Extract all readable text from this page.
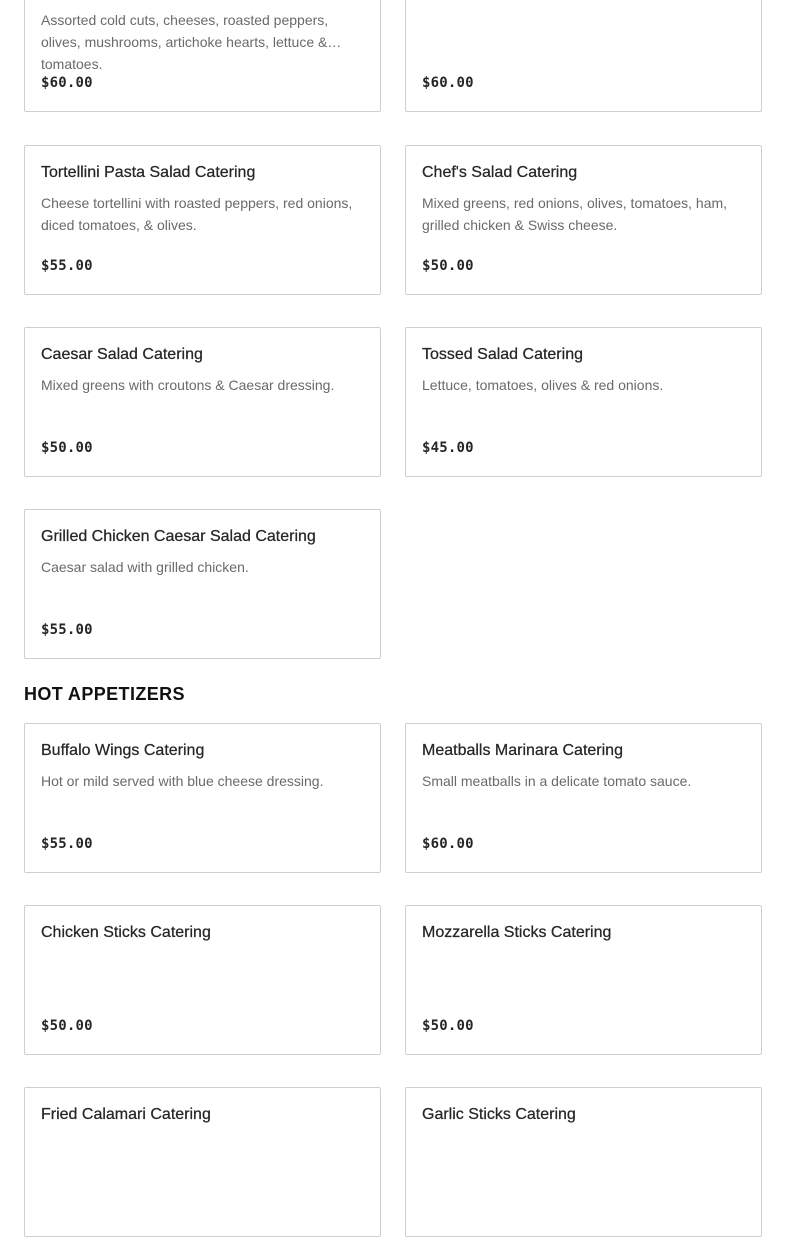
Assorted cold cuts, cheeses, roasted peppers, olives, mushrooms, artichoke hearts, lettuce & tomatoes.
$60.00	$60.00
Tortellini Pasta Salad Catering
Cheese tortellini with roasted peppers, red onions, diced tomatoes, & olives.
$55.00
Chef's Salad Catering
Mixed greens, red onions, olives, tomatoes, ham, grilled chicken & Swiss cheese.
$50.00
Caesar Salad Catering
Mixed greens with croutons & Caesar dressing.
$50.00
Tossed Salad Catering
Lettuce, tomatoes, olives & red onions.
$45.00
Grilled Chicken Caesar Salad Catering
Caesar salad with grilled chicken.
$55.00
HOT APPETIZERS
Buffalo Wings Catering
Hot or mild served with blue cheese dressing.
$55.00
Meatballs Marinara Catering
Small meatballs in a delicate tomato sauce.
$60.00
Chicken Sticks Catering
$50.00
Mozzarella Sticks Catering
$50.00
Fried Calamari Catering	Garlic Sticks Catering
